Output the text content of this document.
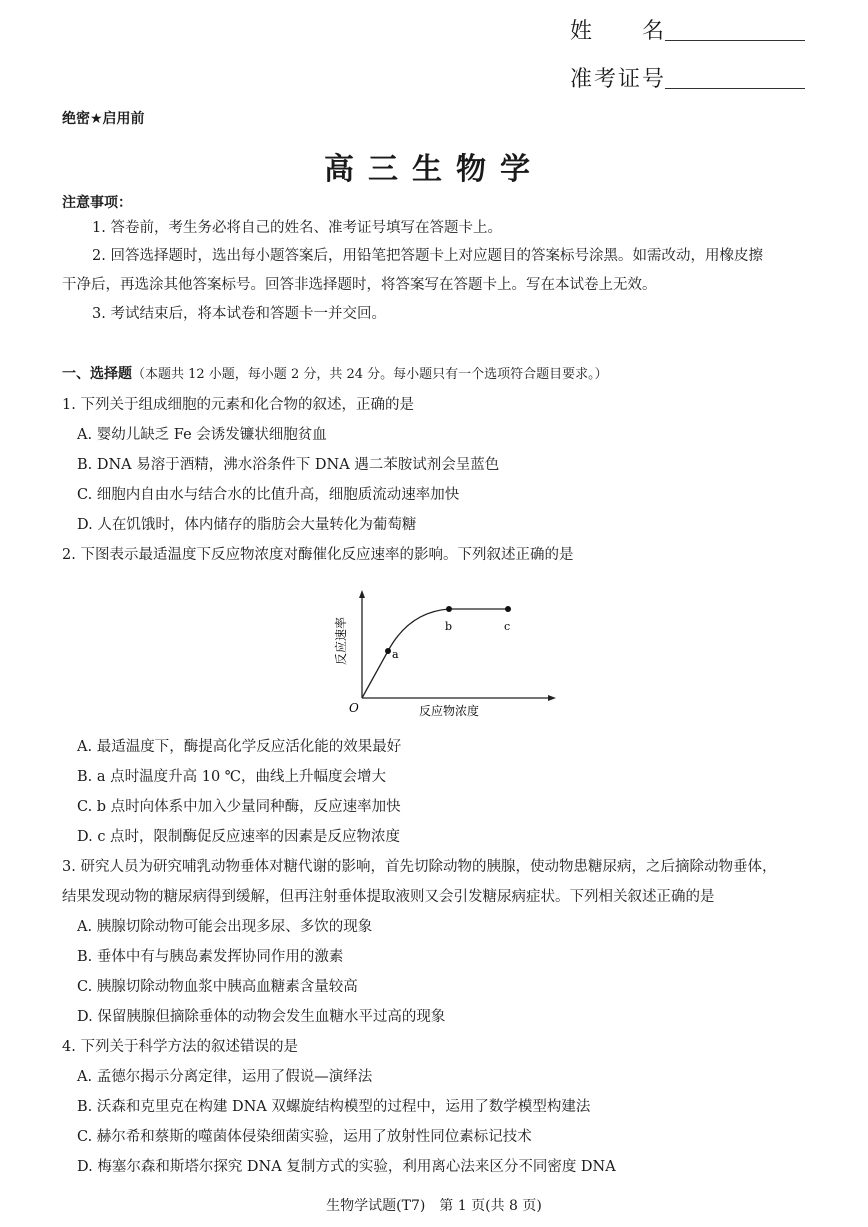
姓　　名
准考证号
绝密★启用前
高三生物学
注意事项：
1. 答卷前，考生务必将自己的姓名、准考证号填写在答题卡上。
2. 回答选择题时，选出每小题答案后，用铅笔把答题卡上对应题目的答案标号涂黑。如需改动，用橡皮擦
干净后，再选涂其他答案标号。回答非选择题时，将答案写在答题卡上。写在本试卷上无效。
3. 考试结束后，将本试卷和答题卡一并交回。
一、选择题（本题共 12 小题，每小题 2 分，共 24 分。每小题只有一个选项符合题目要求。）
1. 下列关于组成细胞的元素和化合物的叙述，正确的是
A. 婴幼儿缺乏 Fe 会诱发镰状细胞贫血
B. DNA 易溶于酒精，沸水浴条件下 DNA 遇二苯胺试剂会呈蓝色
C. 细胞内自由水与结合水的比值升高，细胞质流动速率加快
D. 人在饥饿时，体内储存的脂肪会大量转化为葡萄糖
2. 下图表示最适温度下反应物浓度对酶催化反应速率的影响。下列叙述正确的是
a
b	c
O	反应物浓度
反应速率
A. 最适温度下，酶提高化学反应活化能的效果最好
B. a 点时温度升高 10 ℃，曲线上升幅度会增大
C. b 点时向体系中加入少量同种酶，反应速率加快
D. c 点时，限制酶促反应速率的因素是反应物浓度
3. 研究人员为研究哺乳动物垂体对糖代谢的影响，首先切除动物的胰腺，使动物患糖尿病，之后摘除动物垂体，
结果发现动物的糖尿病得到缓解，但再注射垂体提取液则又会引发糖尿病症状。下列相关叙述正确的是
A. 胰腺切除动物可能会出现多尿、多饮的现象
B. 垂体中有与胰岛素发挥协同作用的激素
C. 胰腺切除动物血浆中胰高血糖素含量较高
D. 保留胰腺但摘除垂体的动物会发生血糖水平过高的现象
4. 下列关于科学方法的叙述错误的是
A. 孟德尔揭示分离定律，运用了假说—演绎法
B. 沃森和克里克在构建 DNA 双螺旋结构模型的过程中，运用了数学模型构建法
C. 赫尔希和蔡斯的噬菌体侵染细菌实验，运用了放射性同位素标记技术
D. 梅塞尔森和斯塔尔探究 DNA 复制方式的实验，利用离心法来区分不同密度 DNA
生物学试题(T7)　第 1 页(共 8 页)
